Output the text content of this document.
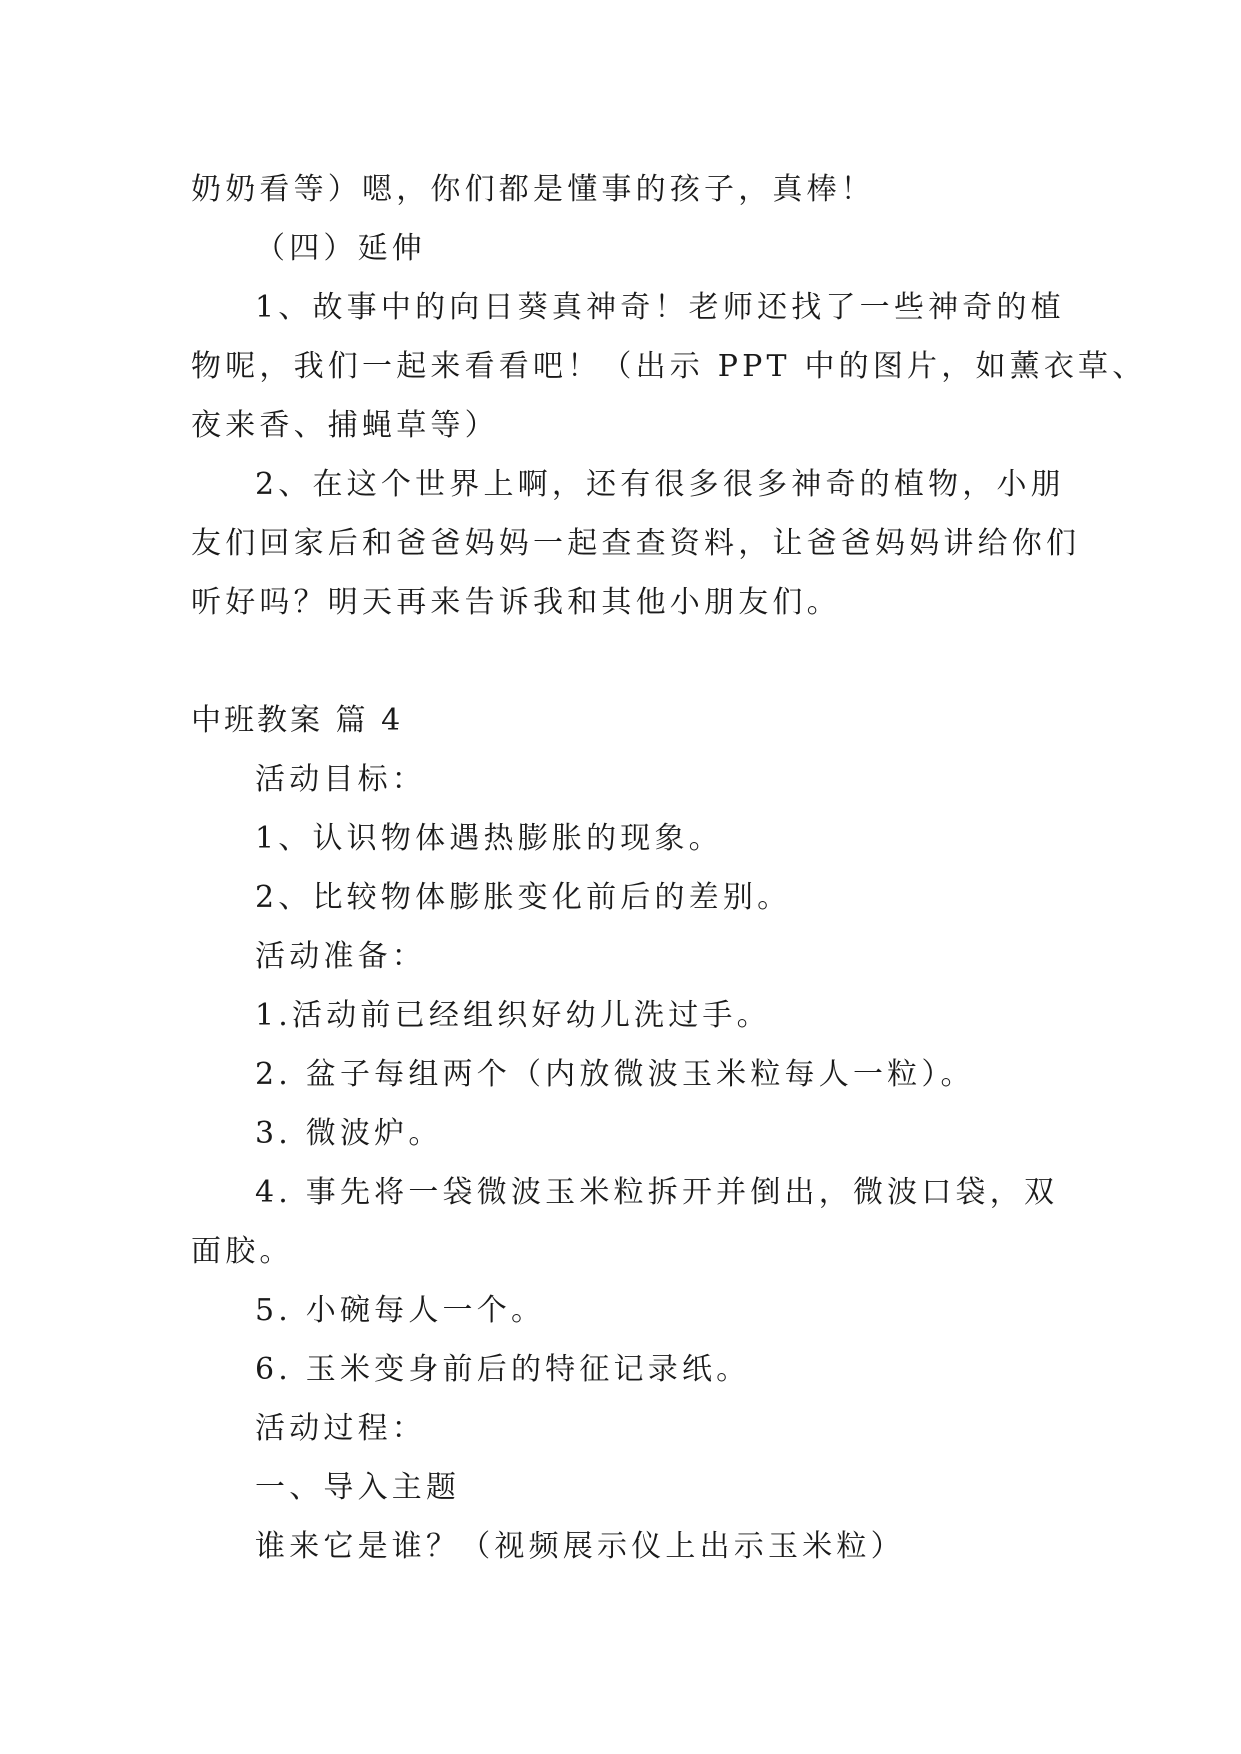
奶奶看等）嗯，你们都是懂事的孩子，真棒！
（四）延伸
1、故事中的向日葵真神奇！老师还找了一些神奇的植
物呢，我们一起来看看吧！（出示 PPT 中的图片，如薰衣草、
夜来香、捕蝇草等）
2、在这个世界上啊，还有很多很多神奇的植物，小朋
友们回家后和爸爸妈妈一起查查资料，让爸爸妈妈讲给你们
听好吗？明天再来告诉我和其他小朋友们。
中班教案 篇 4
活动目标：
1、认识物体遇热膨胀的现象。
2、比较物体膨胀变化前后的差别。
活动准备：
1.活动前已经组织好幼儿洗过手。
2. 盆子每组两个（内放微波玉米粒每人一粒）。
3. 微波炉。
4. 事先将一袋微波玉米粒拆开并倒出，微波口袋，双
面胶。
5. 小碗每人一个。
6. 玉米变身前后的特征记录纸。
活动过程：
一、导入主题
谁来它是谁？（视频展示仪上出示玉米粒）
